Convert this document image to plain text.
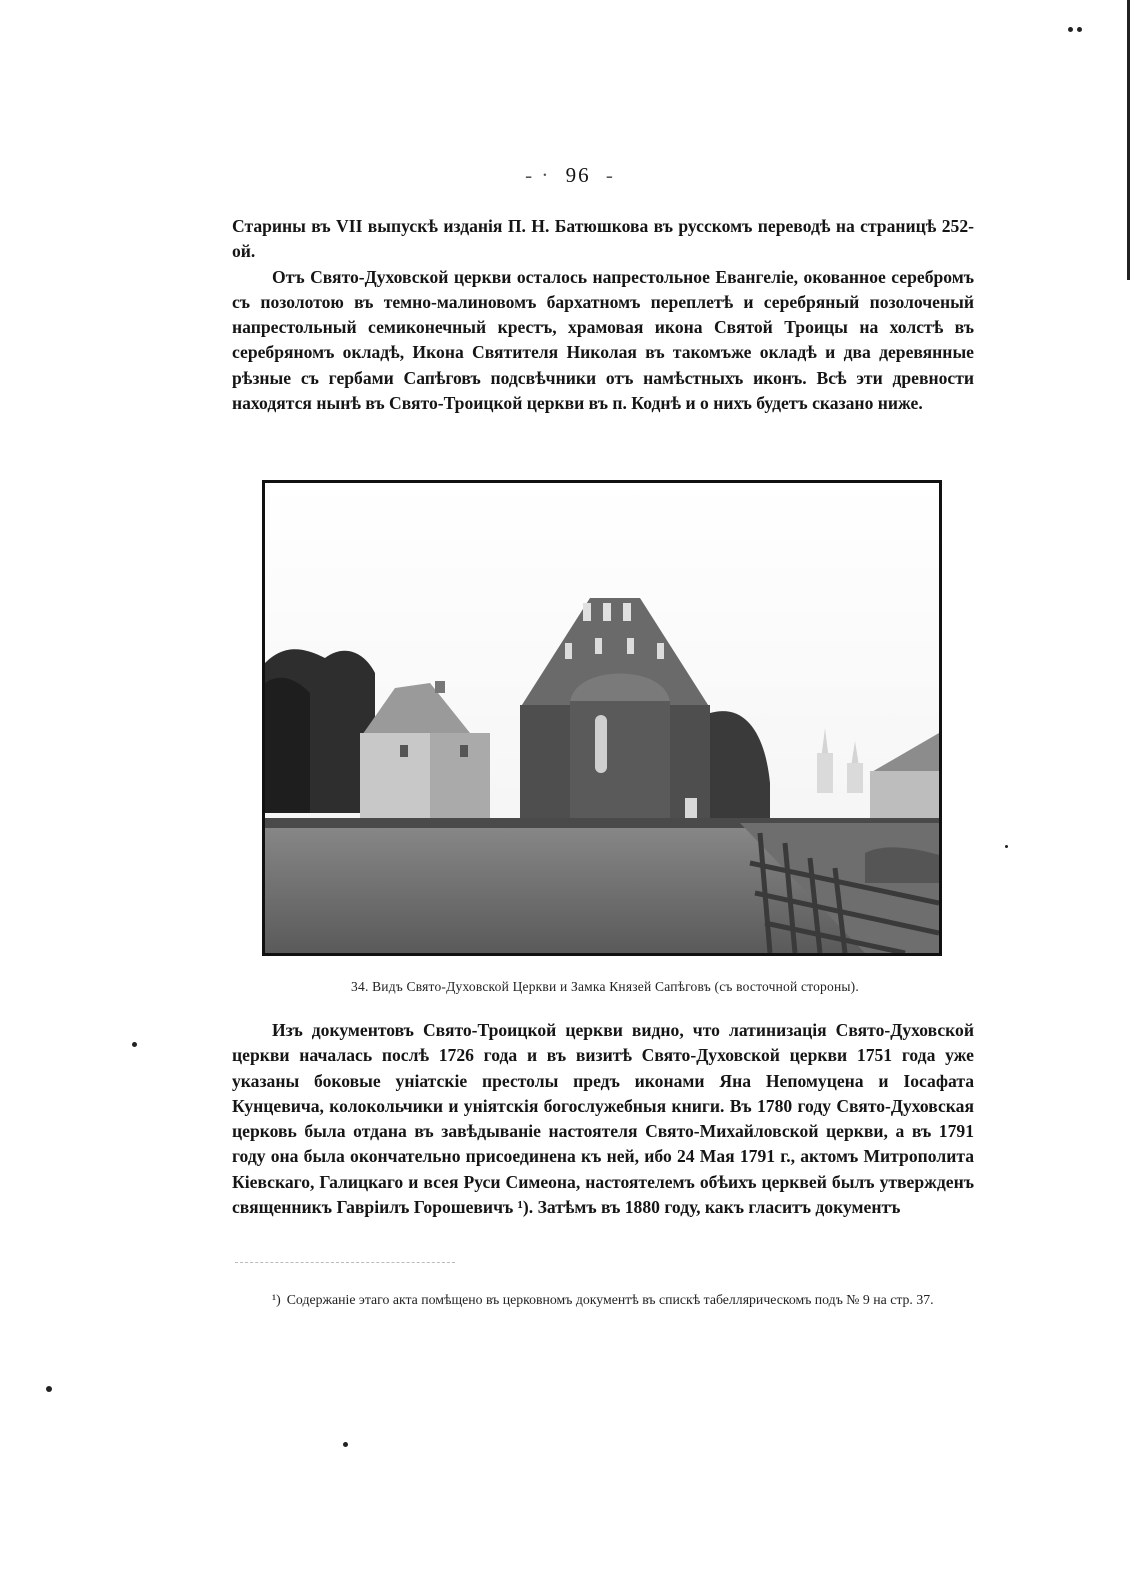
- · 96 -

Старины въ VII выпускѣ изданія П. Н. Батюшкова въ русскомъ переводѣ на страницѣ 252-ой.

Отъ Свято-Духовской церкви осталось напрестольное Евангеліе, окованное серебромъ съ позолотою въ темно-малиновомъ бархатномъ переплетѣ и серебряный позолоченый напрестольный семиконечный крестъ, храмовая икона Святой Троицы на холстѣ въ серебряномъ окладѣ, Икона Святителя Николая въ такомъже окладѣ и два деревянные рѣзные съ гербами Сапѣговъ подсвѣчники отъ намѣстныхъ иконъ. Всѣ эти древности находятся нынѣ въ Свято-Троицкой церкви въ п. Коднѣ и о нихъ будетъ сказано ниже.

34. Видъ Свято-Духовской Церкви и Замка Князей Сапѣговъ (съ восточной стороны).

Изъ документовъ Свято-Троицкой церкви видно, что латинизація Свято-Духовской церкви началась послѣ 1726 года и въ визитѣ Свято-Духовской церкви 1751 года уже указаны боковые уніатскіе престолы предъ иконами Яна Непомуцена и Іосафата Кунцевича, колокольчики и уніятскія богослужебныя книги. Въ 1780 году Свято-Духовская церковь была отдана въ завѣдываніе настоятеля Свято-Михайловской церкви, а въ 1791 году она была окончательно присоединена къ ней, ибо 24 Мая 1791 г., актомъ Митрополита Кіевскаго, Галицкаго и всея Руси Симеона, настоятелемъ обѣихъ церквей былъ утвержденъ священникъ Гавріилъ Горошевичъ ¹). Затѣмъ въ 1880 году, какъ гласитъ документъ

¹) Содержаніе этаго акта помѣщено въ церковномъ документѣ въ спискѣ табеллярическомъ подъ № 9 на стр. 37.
